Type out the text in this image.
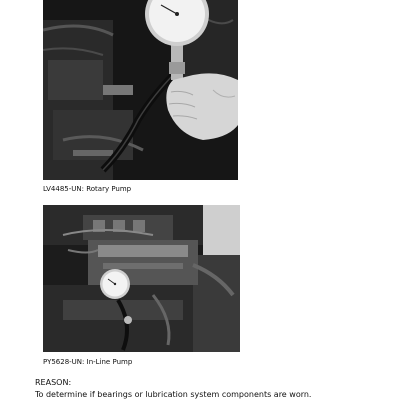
LV4485-UN: Rotary Pump
PY5628-UN: In-Line Pump
REASON:
To determine if bearings or lubrication system components are worn.
